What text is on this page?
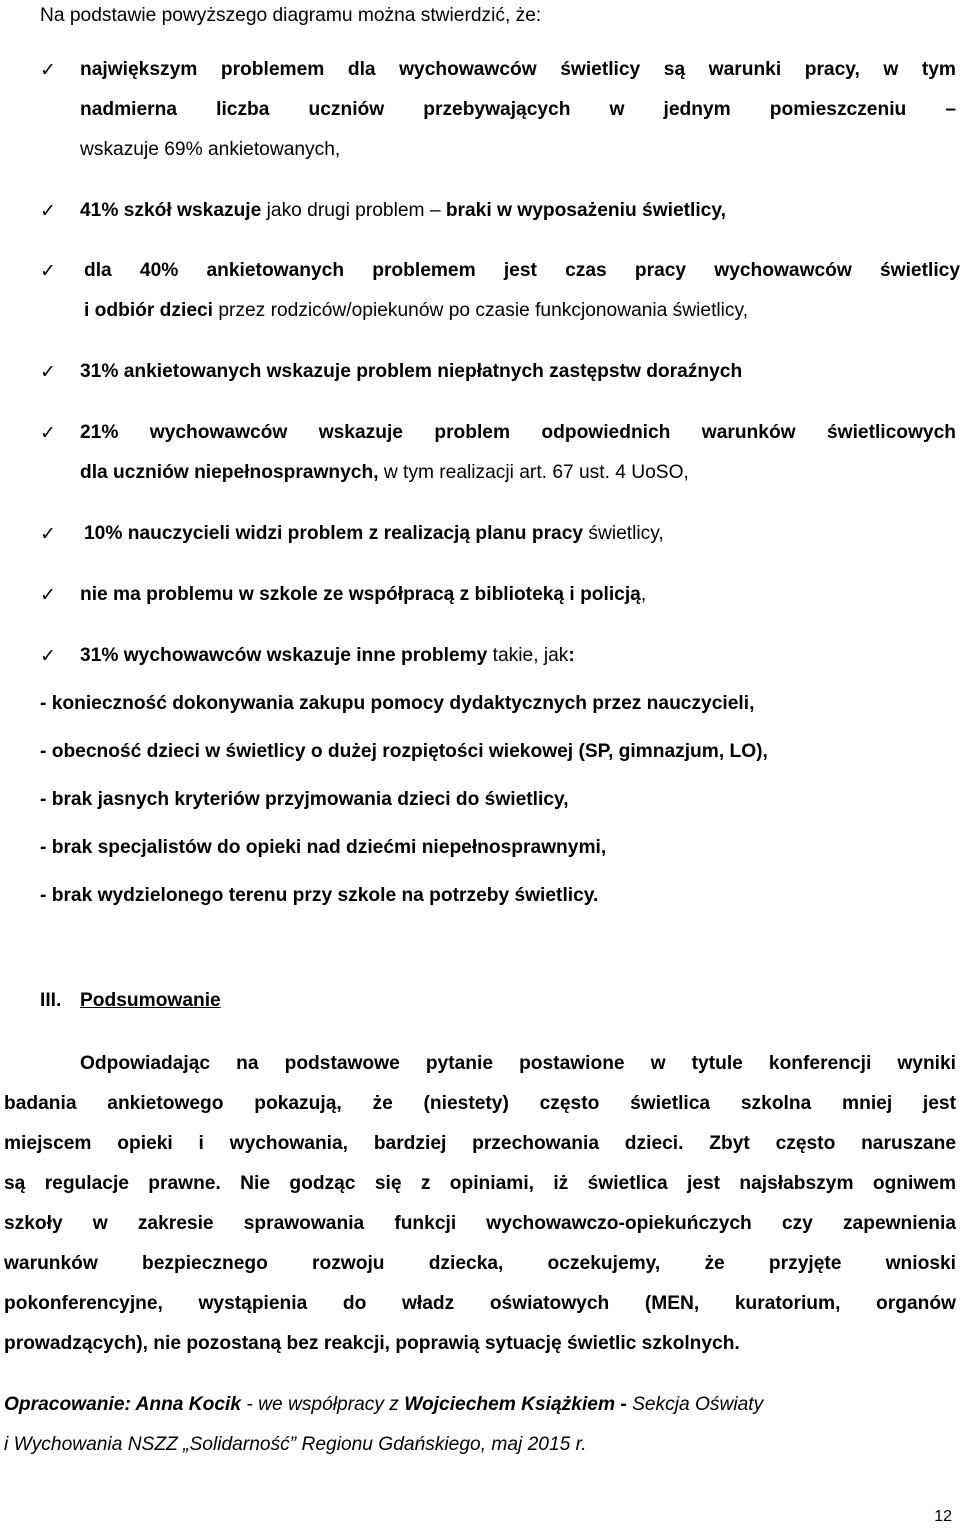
Na podstawie powyższego diagramu można stwierdzić, że:

✓	największym problemem dla wychowawców świetlicy są warunki pracy, w tym

nadmierna liczba uczniów przebywających w jednym pomieszczeniu –

wskazuje 69% ankietowanych,

✓	41% szkół wskazuje jako drugi problem – braki w wyposażeniu świetlicy,

✓	dla 40% ankietowanych problemem jest czas pracy wychowawców świetlicy

i odbiór dzieci przez rodziców/opiekunów po czasie funkcjonowania świetlicy,

✓	31% ankietowanych wskazuje problem niepłatnych zastępstw doraźnych

✓	21% wychowawców wskazuje problem odpowiednich warunków świetlicowych

dla uczniów niepełnosprawnych, w tym realizacji art. 67 ust. 4 UoSO,

✓	10% nauczycieli widzi problem z realizacją planu pracy świetlicy,

✓	nie ma problemu w szkole ze współpracą z biblioteką i policją,

✓	31% wychowawców wskazuje inne problemy takie, jak:

- konieczność dokonywania zakupu pomocy dydaktycznych przez nauczycieli,

- obecność dzieci w świetlicy o dużej rozpiętości wiekowej (SP, gimnazjum, LO),

- brak jasnych kryteriów przyjmowania dzieci do świetlicy,

- brak specjalistów do opieki nad dziećmi niepełnosprawnymi,

- brak wydzielonego terenu przy szkole na potrzeby świetlicy.

III. Podsumowanie

Odpowiadając na podstawowe pytanie postawione w tytule konferencji wyniki

badania ankietowego pokazują, że (niestety) często świetlica szkolna mniej jest

miejscem opieki i wychowania, bardziej przechowania dzieci. Zbyt często naruszane

są regulacje prawne. Nie godząc się z opiniami, iż świetlica jest najsłabszym ogniwem

szkoły w zakresie sprawowania funkcji wychowawczo-opiekuńczych czy zapewnienia

warunków bezpiecznego rozwoju dziecka, oczekujemy, że przyjęte wnioski

pokonferencyjne, wystąpienia do władz oświatowych (MEN, kuratorium, organów

prowadzących), nie pozostaną bez reakcji, poprawią sytuację świetlic szkolnych.

Opracowanie: Anna Kocik - we współpracy z Wojciechem Książkiem - Sekcja Oświaty

i Wychowania NSZZ „Solidarność” Regionu Gdańskiego, maj 2015 r.

12
